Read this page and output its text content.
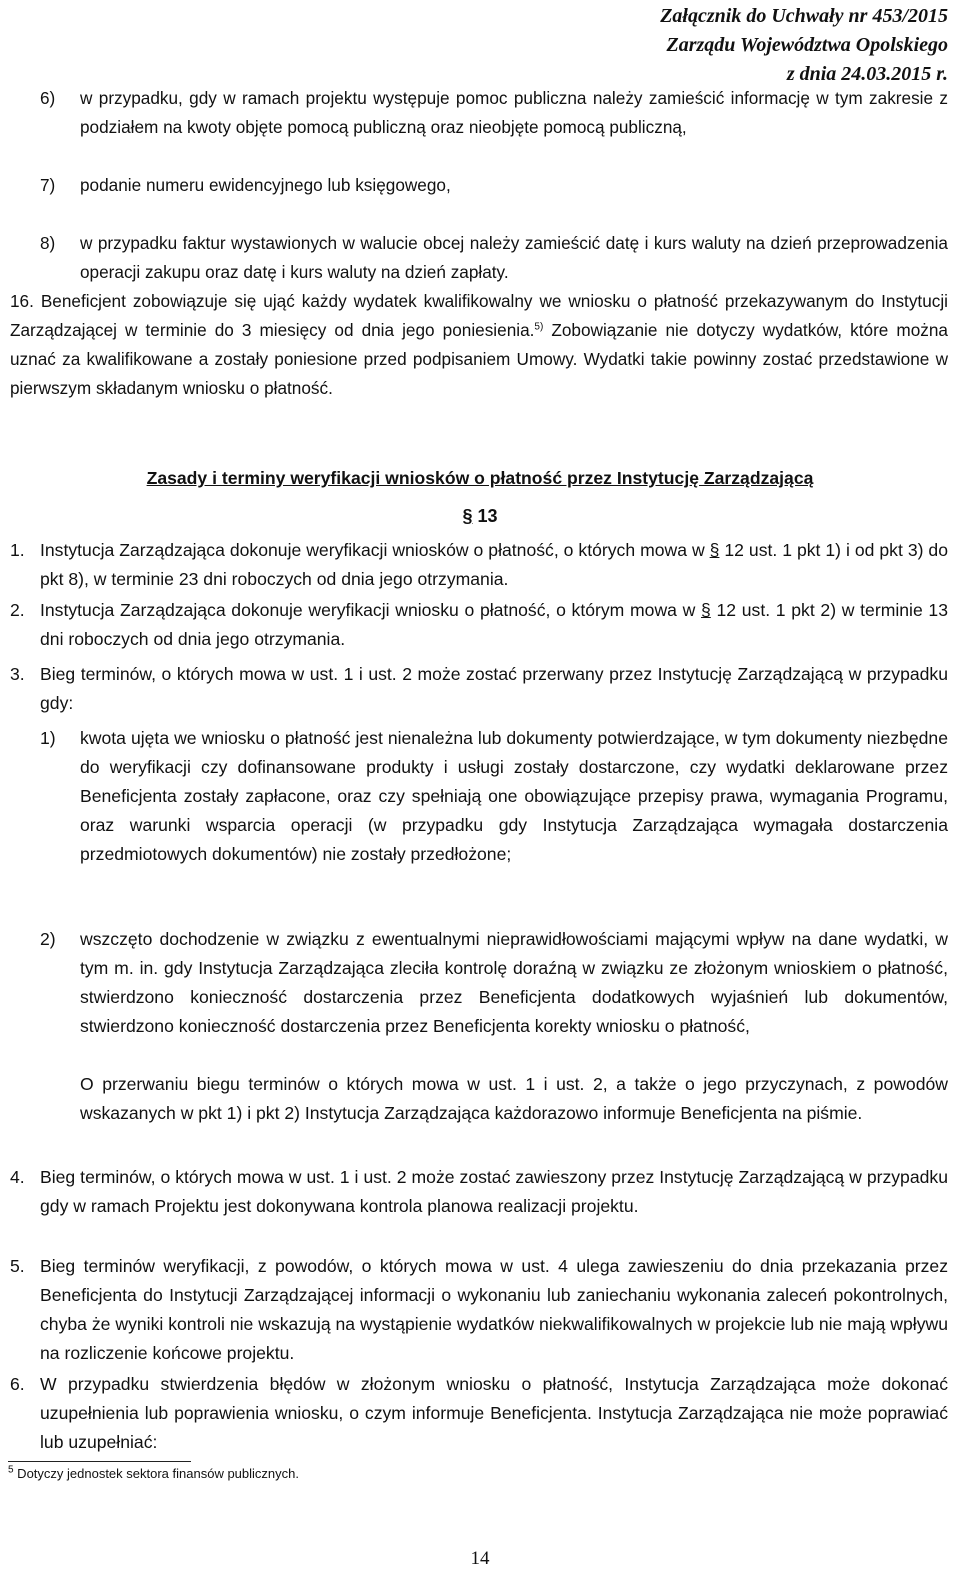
Załącznik do Uchwały nr 453/2015
Zarządu Województwa Opolskiego
z dnia 24.03.2015 r.
6) w przypadku, gdy w ramach projektu występuje pomoc publiczna należy zamieścić informację w tym zakresie z podziałem na kwoty objęte pomocą publiczną oraz nieobjęte pomocą publiczną,
7) podanie numeru ewidencyjnego lub księgowego,
8) w przypadku faktur wystawionych w walucie obcej należy zamieścić datę i kurs waluty na dzień przeprowadzenia operacji zakupu oraz datę i kurs waluty na dzień zapłaty.
16. Beneficjent zobowiązuje się ująć każdy wydatek kwalifikowalny we wniosku o płatność przekazywanym do Instytucji Zarządzającej w terminie do 3 miesięcy od dnia jego poniesienia.$^{5)}$ Zobowiązanie nie dotyczy wydatków, które można uznać za kwalifikowane a zostały poniesione przed podpisaniem Umowy. Wydatki takie powinny zostać przedstawione w pierwszym składanym wniosku o płatność.
Zasady i terminy weryfikacji wniosków o płatność przez Instytucję Zarządzającą
§ 13
1. Instytucja Zarządzająca dokonuje weryfikacji wniosków o płatność, o których mowa w § 12 ust. 1 pkt 1) i od pkt 3) do pkt 8), w terminie 23 dni roboczych od dnia jego otrzymania.
2. Instytucja Zarządzająca dokonuje weryfikacji wniosku o płatność, o którym mowa w § 12 ust. 1 pkt 2) w terminie 13 dni roboczych od dnia jego otrzymania.
3. Bieg terminów, o których mowa w ust. 1 i ust. 2 może zostać przerwany przez Instytucję Zarządzającą w przypadku gdy:
1) kwota ujęta we wniosku o płatność jest nienależna lub dokumenty potwierdzające, w tym dokumenty niezbędne do weryfikacji czy dofinansowane produkty i usługi zostały dostarczone, czy wydatki deklarowane przez Beneficjenta zostały zapłacone, oraz czy spełniają one obowiązujące przepisy prawa, wymagania Programu, oraz warunki wsparcia operacji (w przypadku gdy Instytucja Zarządzająca wymagała dostarczenia przedmiotowych dokumentów) nie zostały przedłożone;
2) wszczęto dochodzenie w związku z ewentualnymi nieprawidłowościami mającymi wpływ na dane wydatki, w tym m. in. gdy Instytucja Zarządzająca zleciła kontrolę doraźną w związku ze złożonym wnioskiem o płatność, stwierdzono konieczność dostarczenia przez Beneficjenta dodatkowych wyjaśnień lub dokumentów, stwierdzono konieczność dostarczenia przez Beneficjenta korekty wniosku o płatność,
O przerwaniu biegu terminów o których mowa w ust. 1 i ust. 2, a także o jego przyczynach, z powodów wskazanych w pkt 1) i pkt 2) Instytucja Zarządzająca każdorazowo informuje Beneficjenta na piśmie.
4. Bieg terminów, o których mowa w ust. 1 i ust. 2 może zostać zawieszony przez Instytucję Zarządzającą w przypadku gdy w ramach Projektu jest dokonywana kontrola planowa realizacji projektu.
5. Bieg terminów weryfikacji, z powodów, o których mowa w ust. 4 ulega zawieszeniu do dnia przekazania przez Beneficjenta do Instytucji Zarządzającej informacji o wykonaniu lub zaniechaniu wykonania zaleceń pokontrolnych, chyba że wyniki kontroli nie wskazują na wystąpienie wydatków niekwalifikowalnych w projekcie lub nie mają wpływu na rozliczenie końcowe projektu.
6. W przypadku stwierdzenia błędów w złożonym wniosku o płatność, Instytucja Zarządzająca może dokonać uzupełnienia lub poprawienia wniosku, o czym informuje Beneficjenta. Instytucja Zarządzająca nie może poprawiać lub uzupełniać:
$^5$ Dotyczy jednostek sektora finansów publicznych.
14
